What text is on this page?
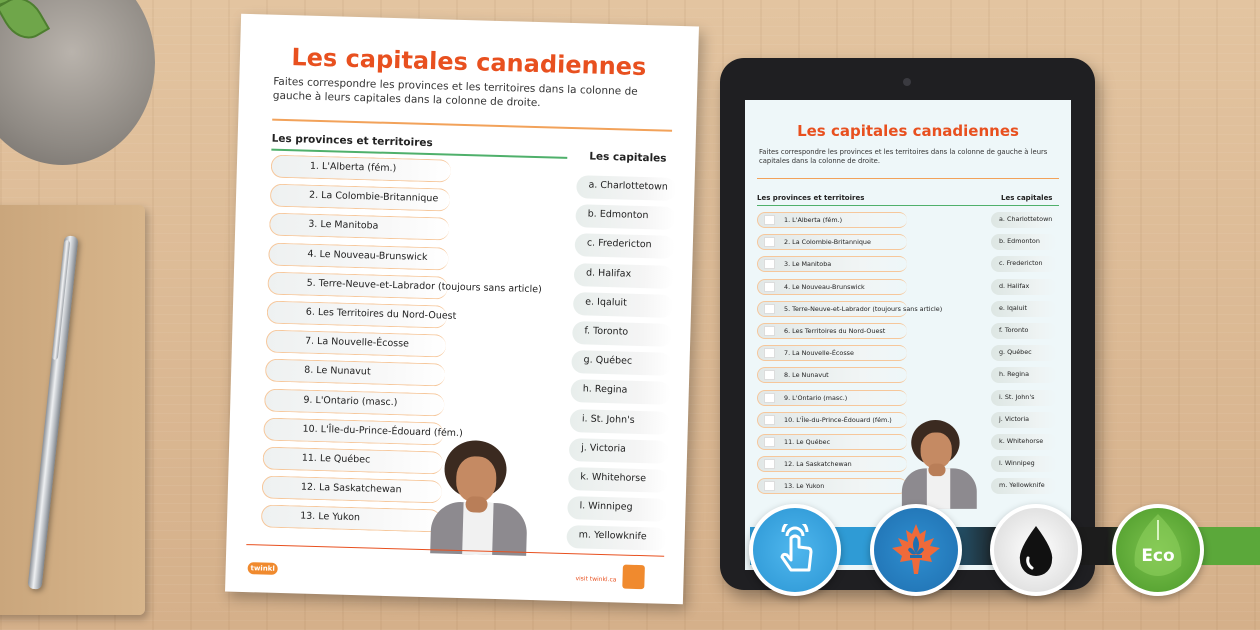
Les capitales canadiennes
Faites correspondre les provinces et les territoires dans la colonne de gauche à leurs capitales dans la colonne de droite.
Les provinces et territoires
Les capitales
1. L'Alberta (fém.)
2. La Colombie-Britannique
3. Le Manitoba
4. Le Nouveau-Brunswick
5. Terre-Neuve-et-Labrador (toujours sans article)
6. Les Territoires du Nord-Ouest
7. La Nouvelle-Écosse
8. Le Nunavut
9. L'Ontario (masc.)
10. L'Île-du-Prince-Édouard (fém.)
11. Le Québec
12. La Saskatchewan
13. Le Yukon
a. Charlottetown
b. Edmonton
c. Fredericton
d. Halifax
e. Iqaluit
f. Toronto
g. Québec
h. Regina
i. St. John's
j. Victoria
k. Whitehorse
l. Winnipeg
m. Yellowknife
twinkl
visit twinkl.ca
Les capitales canadiennes
Faites correspondre les provinces et les territoires dans la colonne de gauche à leurs capitales dans la colonne de droite.
Les provinces et territoires	Les capitales
1. L'Alberta (fém.)
2. La Colombie-Britannique
3. Le Manitoba
4. Le Nouveau-Brunswick
5. Terre-Neuve-et-Labrador (toujours sans article)
6. Les Territoires du Nord-Ouest
7. La Nouvelle-Écosse
8. Le Nunavut
9. L'Ontario (masc.)
10. L'Île-du-Prince-Édouard (fém.)
11. Le Québec
12. La Saskatchewan
13. Le Yukon
a. Charlottetown
b. Edmonton
c. Fredericton
d. Halifax
e. Iqaluit
f. Toronto
g. Québec
h. Regina
i. St. John's
j. Victoria
k. Whitehorse
l. Winnipeg
m. Yellowknife
Eco
